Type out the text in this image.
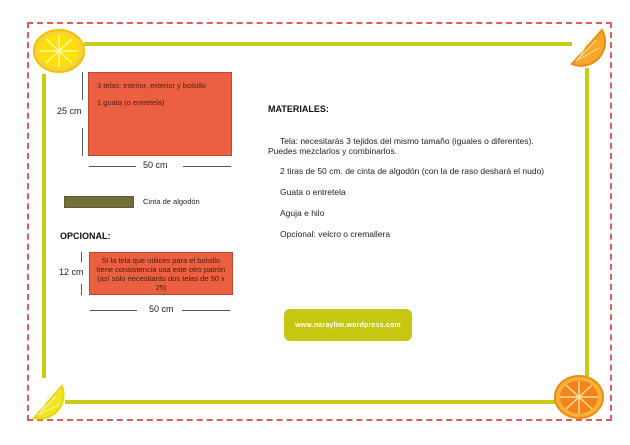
25 cm
3 telas: interior, exterior y bolsillo
1 guata (o entretela)
50 cm
Cinta de algodón
OPCIONAL:
12 cm
Si la tela que utilices para el bolsillo tiene consistencia usa este otro patrón (así sólo necesitarás dos telas de 50 x 25)
50 cm
MATERIALES:
Tela: necesitarás 3 tejidos del mismo tamaño (iguales o diferentes).
Puedes mezclarlos y combinarlos.
2 tiras de 50 cm. de cinta de algodón (con la de raso deshará el nudo)
Guata o entretela
Aguja e hilo
Opcional: velcro o cremallera
www.naraylim.wordpress.com
